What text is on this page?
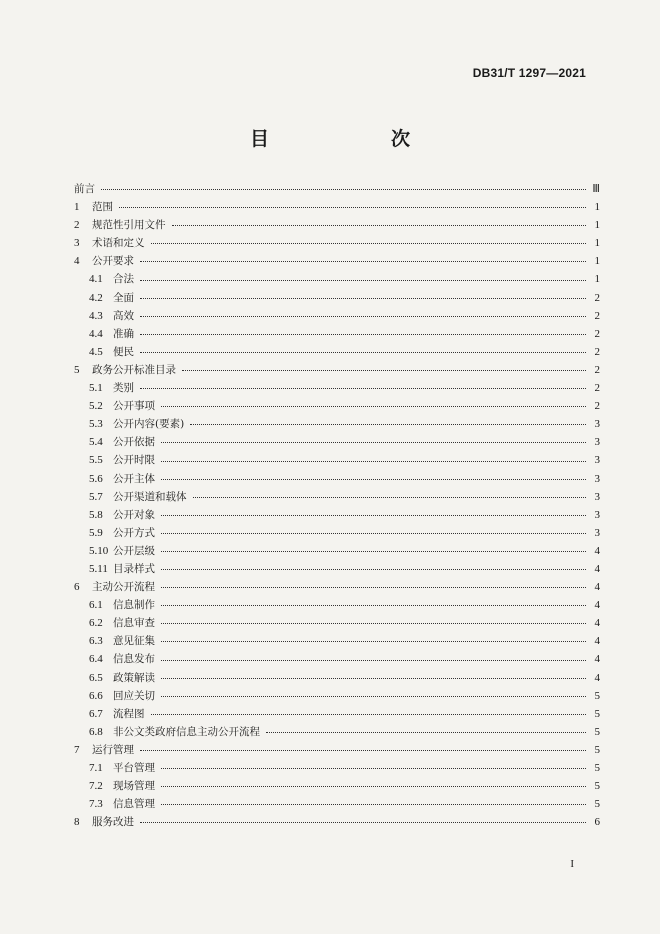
DB31/T 1297—2021
目　　次
前言	Ⅲ
1	范围	1
2	规范性引用文件	1
3	术语和定义	1
4	公开要求	1
4.1 合法	1
4.2 全面	2
4.3 高效	2
4.4 准确	2
4.5 便民	2
5	政务公开标准目录	2
5.1 类别	2
5.2 公开事项	2
5.3 公开内容(要素)	3
5.4 公开依据	3
5.5 公开时限	3
5.6 公开主体	3
5.7 公开渠道和载体	3
5.8 公开对象	3
5.9 公开方式	3
5.10 公开层级	4
5.11 目录样式	4
6	主动公开流程	4
6.1 信息制作	4
6.2 信息审查	4
6.3 意见征集	4
6.4 信息发布	4
6.5 政策解读	4
6.6 回应关切	5
6.7 流程图	5
6.8 非公文类政府信息主动公开流程	5
7	运行管理	5
7.1 平台管理	5
7.2 现场管理	5
7.3 信息管理	5
8	服务改进	6
I
